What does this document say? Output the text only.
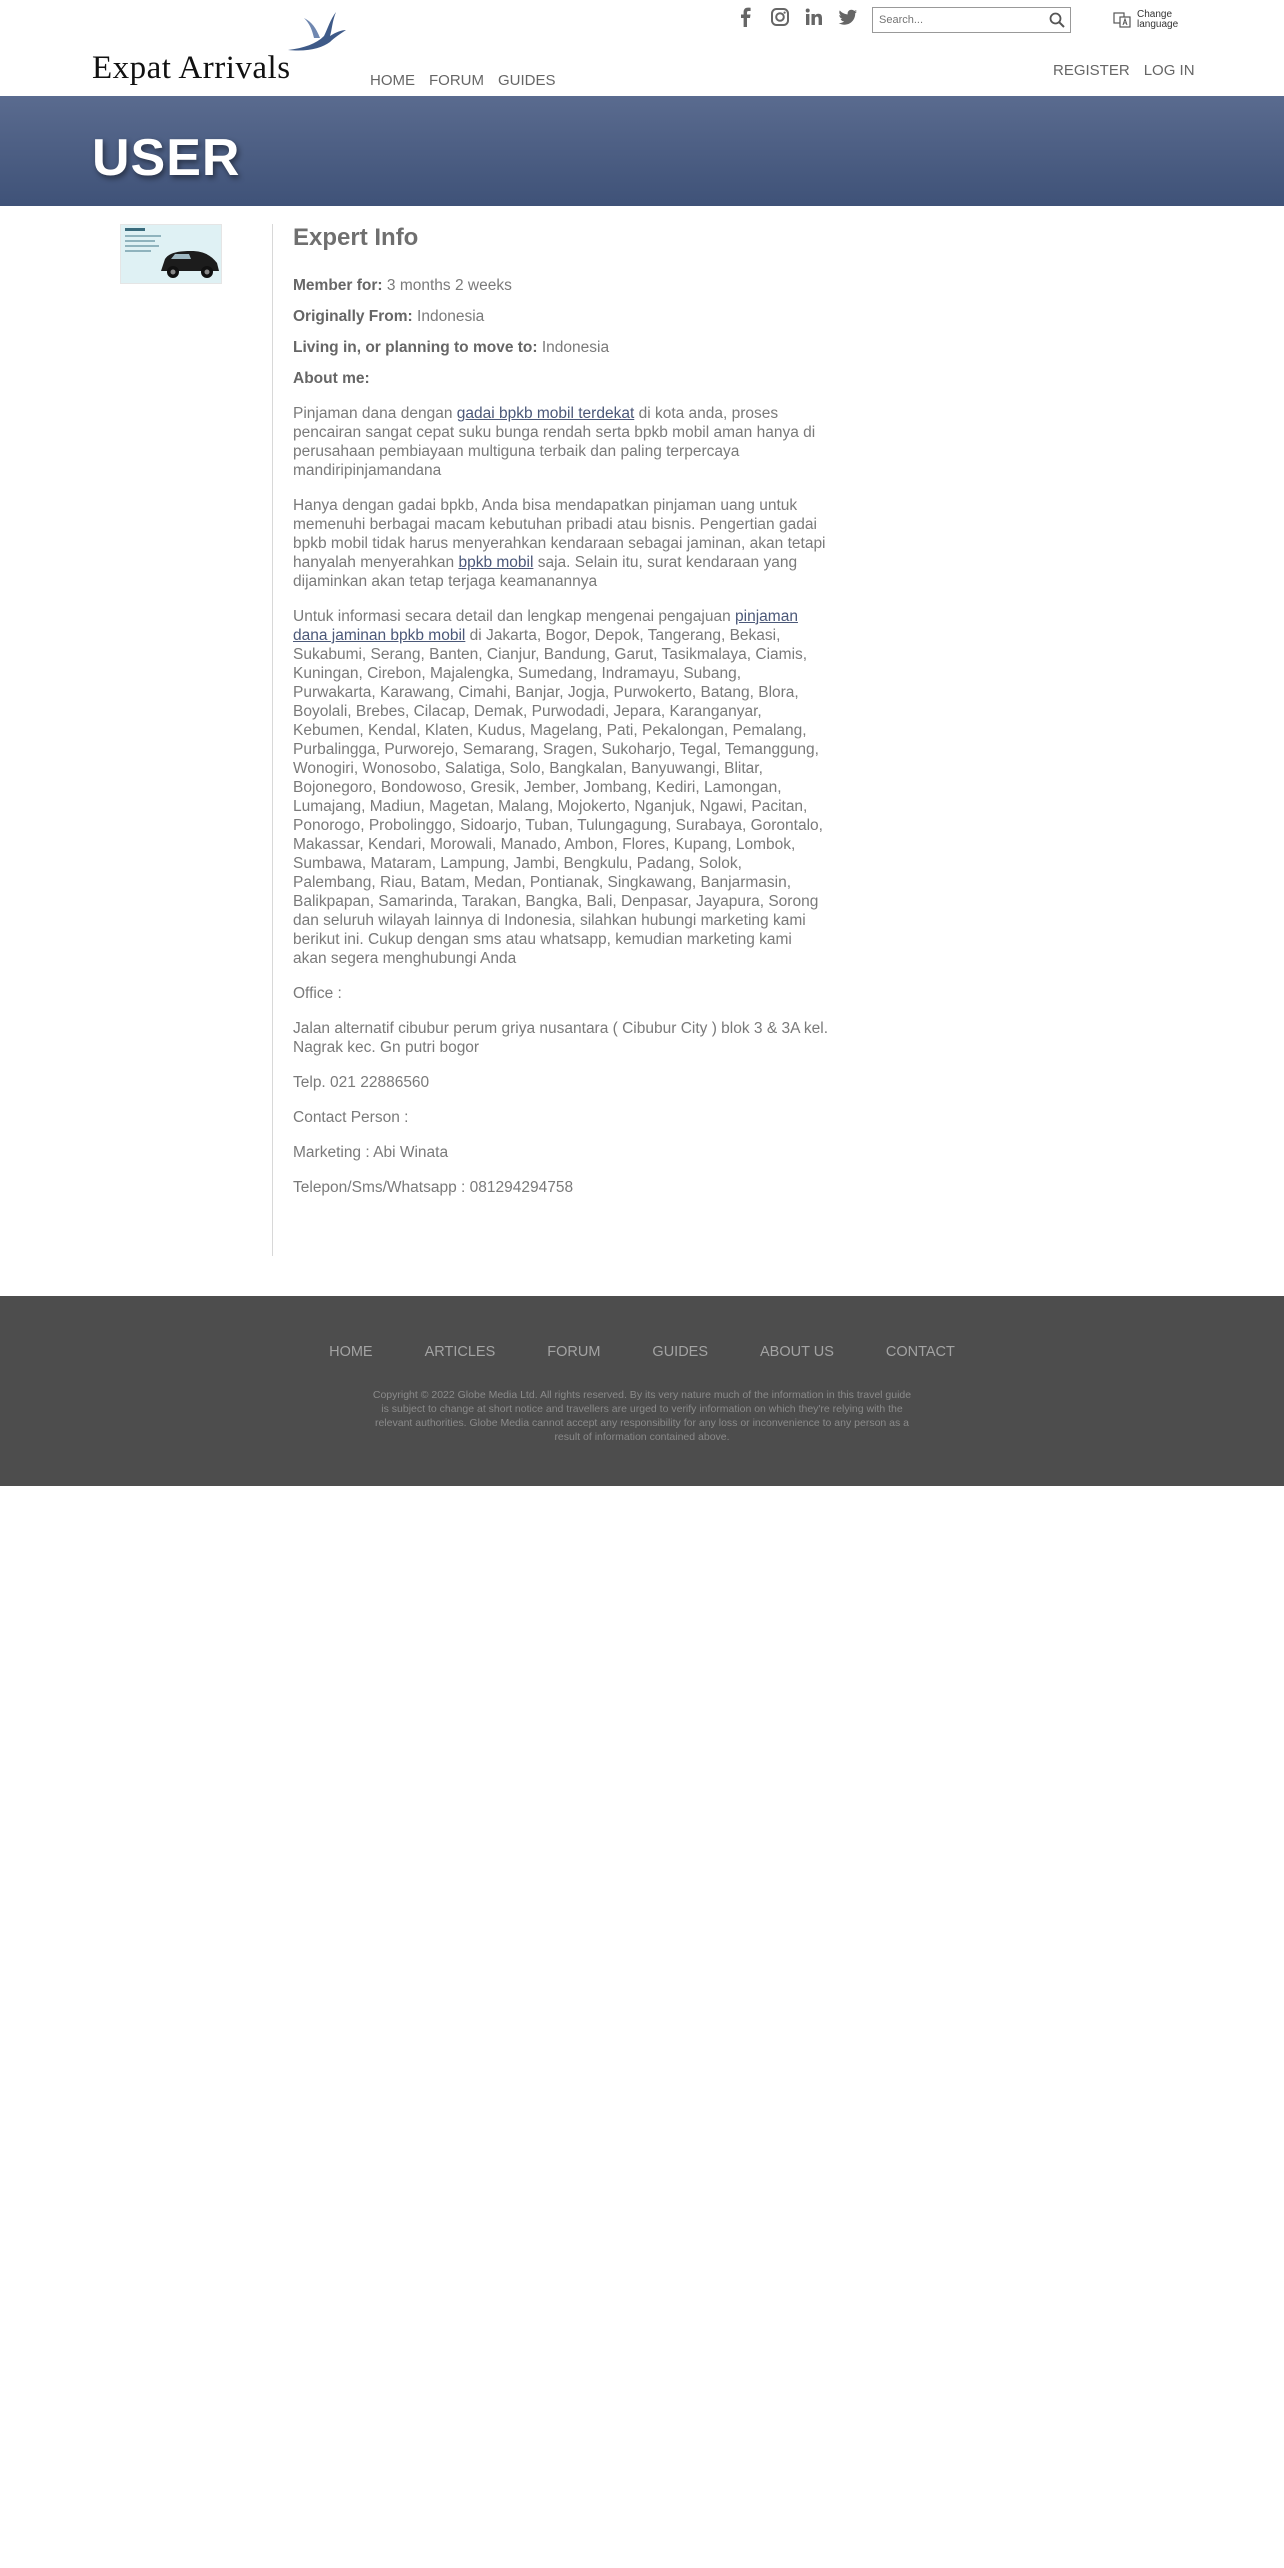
Expat Arrivals	HOME FORUM GUIDES
Search...
Change language
REGISTER LOG IN
USER
Expert Info
Member for: 3 months 2 weeks
Originally From: Indonesia
Living in, or planning to move to: Indonesia
About me:

Pinjaman dana dengan gadai bpkb mobil terdekat di kota anda, proses pencairan sangat cepat suku bunga rendah serta bpkb mobil aman hanya di perusahaan pembiayaan multiguna terbaik dan paling terpercaya mandiripinjamandana

Hanya dengan gadai bpkb, Anda bisa mendapatkan pinjaman uang untuk memenuhi berbagai macam kebutuhan pribadi atau bisnis. Pengertian gadai bpkb mobil tidak harus menyerahkan kendaraan sebagai jaminan, akan tetapi hanyalah menyerahkan bpkb mobil saja. Selain itu, surat kendaraan yang dijaminkan akan tetap terjaga keamanannya

Untuk informasi secara detail dan lengkap mengenai pengajuan pinjaman dana jaminan bpkb mobil di Jakarta, Bogor, Depok, Tangerang, Bekasi, Sukabumi, Serang, Banten, Cianjur, Bandung, Garut, Tasikmalaya, Ciamis, Kuningan, Cirebon, Majalengka, Sumedang, Indramayu, Subang, Purwakarta, Karawang, Cimahi, Banjar, Jogja, Purwokerto, Batang, Blora, Boyolali, Brebes, Cilacap, Demak, Purwodadi, Jepara, Karanganyar, Kebumen, Kendal, Klaten, Kudus, Magelang, Pati, Pekalongan, Pemalang, Purbalingga, Purworejo, Semarang, Sragen, Sukoharjo, Tegal, Temanggung, Wonogiri, Wonosobo, Salatiga, Solo, Bangkalan, Banyuwangi, Blitar, Bojonegoro, Bondowoso, Gresik, Jember, Jombang, Kediri, Lamongan, Lumajang, Madiun, Magetan, Malang, Mojokerto, Nganjuk, Ngawi, Pacitan, Ponorogo, Probolinggo, Sidoarjo, Tuban, Tulungagung, Surabaya, Gorontalo, Makassar, Kendari, Morowali, Manado, Ambon, Flores, Kupang, Lombok, Sumbawa, Mataram, Lampung, Jambi, Bengkulu, Padang, Solok, Palembang, Riau, Batam, Medan, Pontianak, Singkawang, Banjarmasin, Balikpapan, Samarinda, Tarakan, Bangka, Bali, Denpasar, Jayapura, Sorong dan seluruh wilayah lainnya di Indonesia, silahkan hubungi marketing kami berikut ini. Cukup dengan sms atau whatsapp, kemudian marketing kami akan segera menghubungi Anda

Office :

Jalan alternatif cibubur perum griya nusantara ( Cibubur City ) blok 3 & 3A kel. Nagrak kec. Gn putri bogor

Telp. 021 22886560

Contact Person :

Marketing : Abi Winata

Telepon/Sms/Whatsapp : 081294294758

HOME	ARTICLES	FORUM	GUIDES	ABOUT US	CONTACT

Copyright © 2022 Globe Media Ltd. All rights reserved. By its very nature much of the information in this travel guide is subject to change at short notice and travellers are urged to verify information on which they're relying with the relevant authorities. Globe Media cannot accept any responsibility for any loss or inconvenience to any person as a result of information contained above.
